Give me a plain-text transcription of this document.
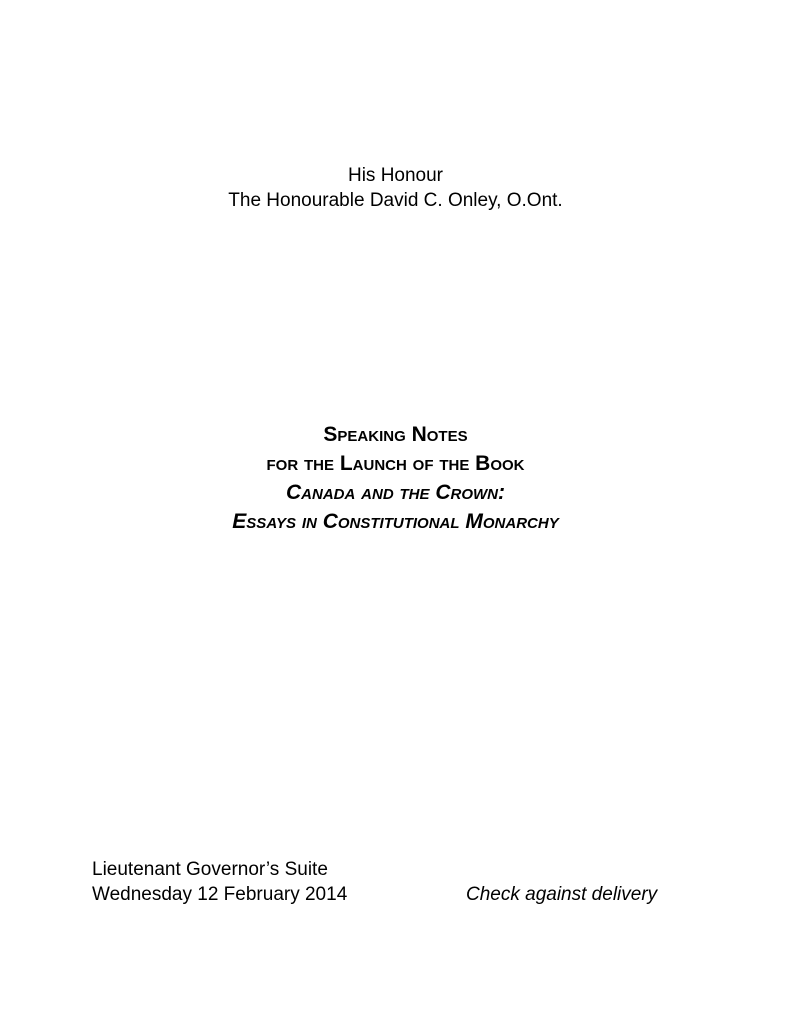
His Honour
The Honourable David C. Onley, O.Ont.
Speaking Notes
for the Launch of the Book
Canada and the Crown:
Essays in Constitutional Monarchy
Lieutenant Governor’s Suite
Wednesday 12 February 2014	Check against delivery
